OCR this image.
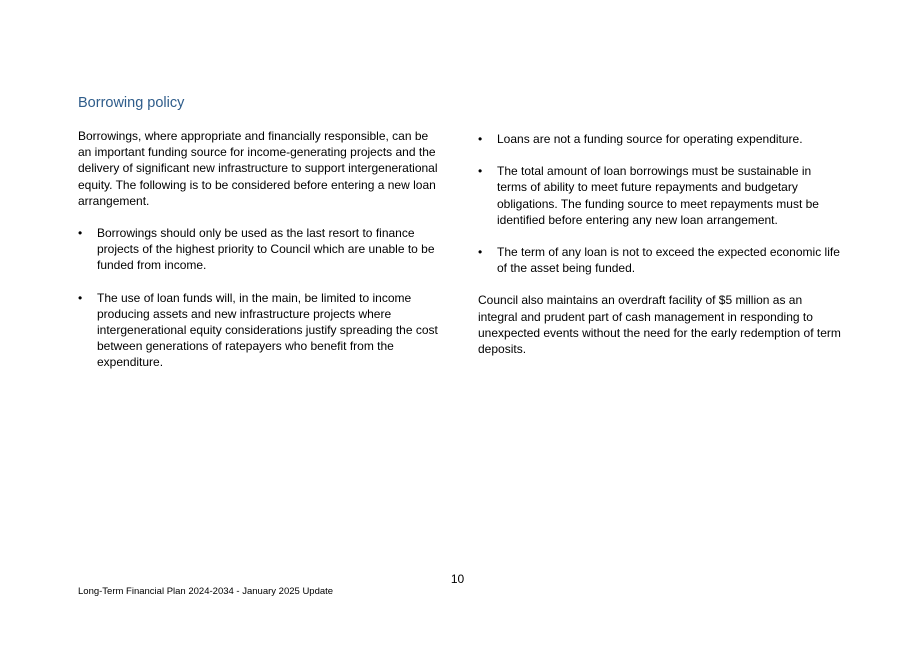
Borrowing policy

Borrowings, where appropriate and financially responsible, can be an important funding source for income-generating projects and the delivery of significant new infrastructure to support intergenerational equity. The following is to be considered before entering a new loan arrangement.

•	Borrowings should only be used as the last resort to finance projects of the highest priority to Council which are unable to be funded from income.
•	The use of loan funds will, in the main, be limited to income producing assets and new infrastructure projects where intergenerational equity considerations justify spreading the cost between generations of ratepayers who benefit from the expenditure.
•	Loans are not a funding source for operating expenditure.
•	The total amount of loan borrowings must be sustainable in terms of ability to meet future repayments and budgetary obligations. The funding source to meet repayments must be identified before entering any new loan arrangement.
•	The term of any loan is not to exceed the expected economic life of the asset being funded.

Council also maintains an overdraft facility of $5 million as an integral and prudent part of cash management in responding to unexpected events without the need for the early redemption of term deposits.

10
Long-Term Financial Plan 2024-2034 - January 2025 Update
